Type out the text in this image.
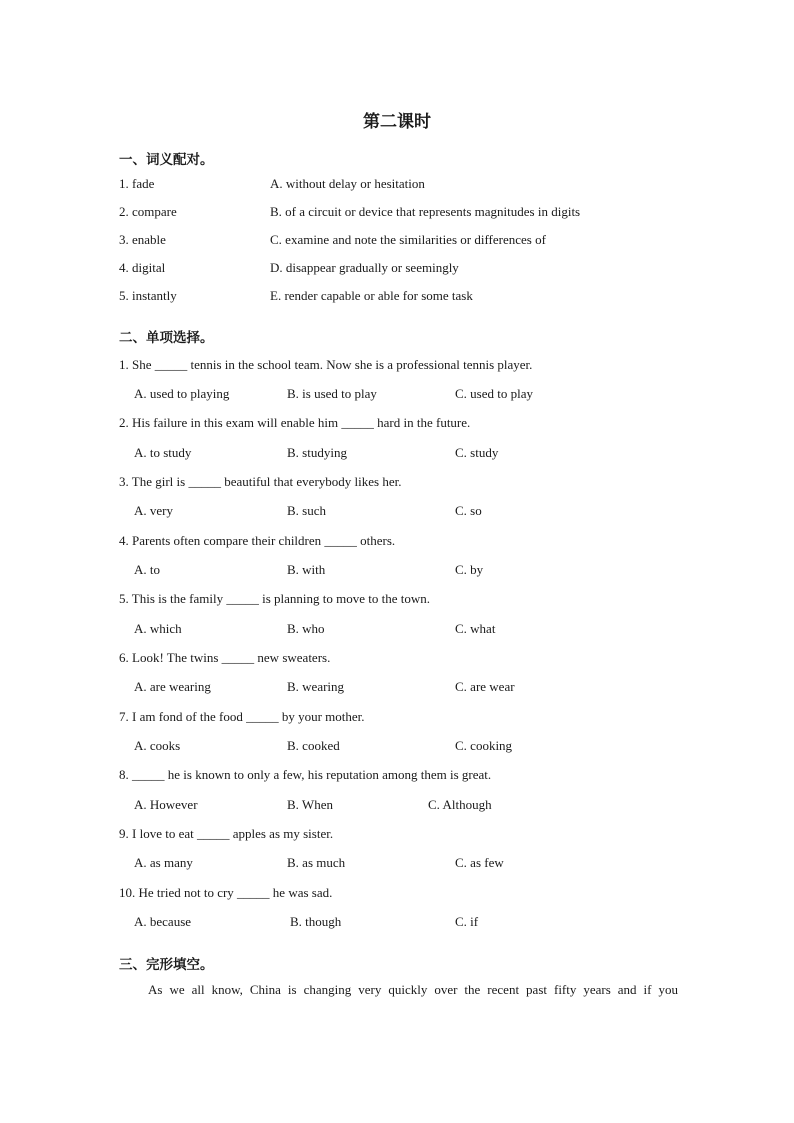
第二课时
一、词义配对。
1. fade	A. without delay or hesitation
2. compare	B. of a circuit or device that represents magnitudes in digits
3. enable	C. examine and note the similarities or differences of
4. digital	D. disappear gradually or seemingly
5. instantly	E. render capable or able for some task
二、单项选择。
1. She _____ tennis in the school team. Now she is a professional tennis player.
A. used to playing	B. is used to play	C. used to play
2. His failure in this exam will enable him _____ hard in the future.
A. to study	B. studying	C. study
3. The girl is _____ beautiful that everybody likes her.
A. very	B. such	C. so
4. Parents often compare their children _____ others.
A. to	B. with	C. by
5. This is the family _____ is planning to move to the town.
A. which	B. who	C. what
6. Look! The twins _____ new sweaters.
A. are wearing	B. wearing	C. are wear
7. I am fond of the food _____ by your mother.
A. cooks	B. cooked	C. cooking
8. _____ he is known to only a few, his reputation among them is great.
A. However	B. When	C. Although
9. I love to eat _____ apples as my sister.
A. as many	B. as much	C. as few
10. He tried not to cry _____ he was sad.
A. because	B. though	C. if
三、完形填空。
As we all know, China is changing very quickly over the recent past fifty years and if you
